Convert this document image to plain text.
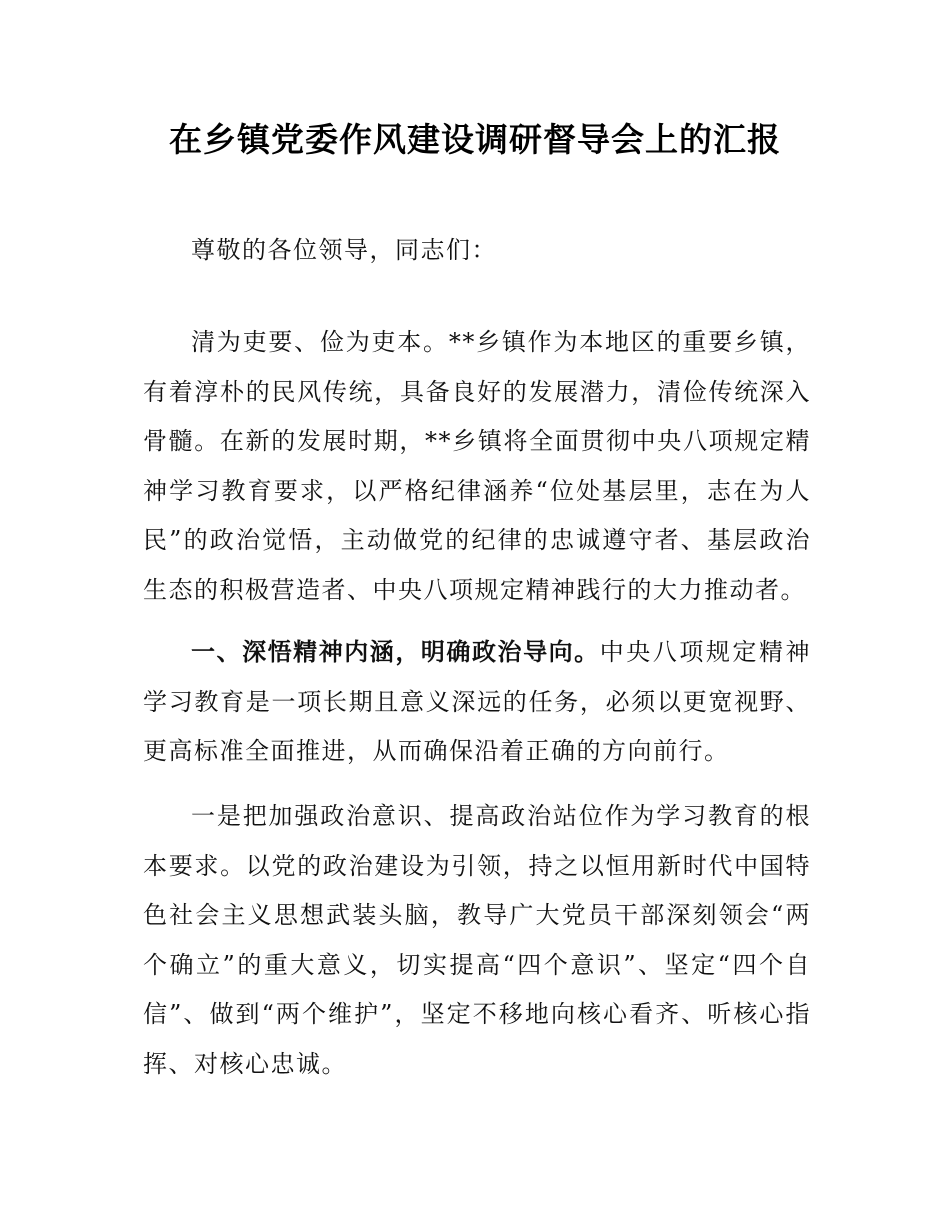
在乡镇党委作风建设调研督导会上的汇报

尊敬的各位领导，同志们：

清为吏要、俭为吏本。**乡镇作为本地区的重要乡镇，有着淳朴的民风传统，具备良好的发展潜力，清俭传统深入骨髓。在新的发展时期，**乡镇将全面贯彻中央八项规定精神学习教育要求，以严格纪律涵养“位处基层里，志在为人民”的政治觉悟，主动做党的纪律的忠诚遵守者、基层政治生态的积极营造者、中央八项规定精神践行的大力推动者。

一、深悟精神内涵，明确政治导向。中央八项规定精神学习教育是一项长期且意义深远的任务，必须以更宽视野、更高标准全面推进，从而确保沿着正确的方向前行。

一是把加强政治意识、提高政治站位作为学习教育的根本要求。以党的政治建设为引领，持之以恒用新时代中国特色社会主义思想武装头脑，教导广大党员干部深刻领会“两个确立”的重大意义，切实提高“四个意识”、坚定“四个自信”、做到“两个维护”，坚定不移地向核心看齐、听核心指挥、对核心忠诚。
